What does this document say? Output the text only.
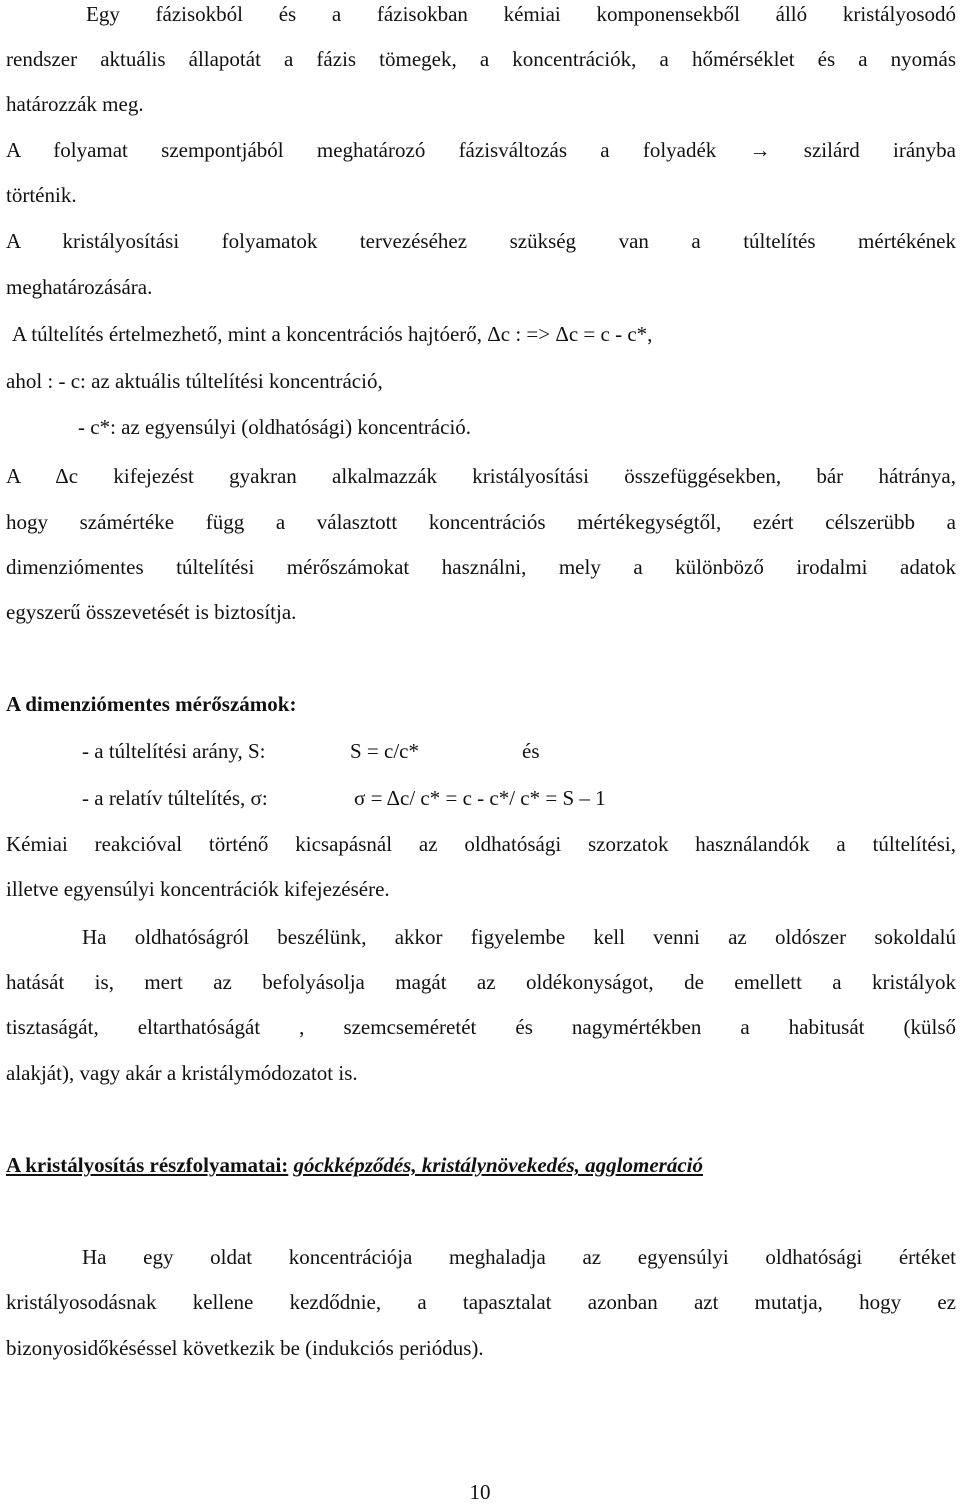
Egy fázisokból és a fázisokban kémiai komponensekből álló kristályosodó
rendszer aktuális állapotát a fázis tömegek, a koncentrációk, a hőmérséklet és a nyomás
határozzák meg.
A folyamat szempontjából meghatározó fázisváltozás a folyadék → szilárd irányba
történik.
A kristályosítási folyamatok tervezéséhez szükség van a túltelítés mértékének
meghatározására.
A túltelítés értelmezhető, mint a koncentrációs hajtóerő, Δc : => Δc = c - c*,
ahol : - c: az aktuális túltelítési koncentráció,
- c*: az egyensúlyi (oldhatósági) koncentráció.
A Δc kifejezést gyakran alkalmazzák kristályosítási összefüggésekben, bár hátránya,
hogy számértéke függ a választott koncentrációs mértékegységtől, ezért célszerübb a
dimenziómentes túltelítési mérőszámokat használni, mely a különböző irodalmi adatok
egyszerű összevetését is biztosítja.
A dimenziómentes mérőszámok:
- a túltelítési arány, S:	S = c/c*	és
- a relatív túltelítés, σ:	σ = Δc/ c* = c - c*/ c* = S – 1
Kémiai reakcióval történő kicsapásnál az oldhatósági szorzatok használandók a túltelítési,
illetve egyensúlyi koncentrációk kifejezésére.
Ha oldhatóságról beszélünk, akkor figyelembe kell venni az oldószer sokoldalú
hatását is, mert az befolyásolja magát az oldékonyságot, de emellett a kristályok
tisztaságát, eltarthatóságát , szemcseméretét és nagymértékben a habitusát (külső
alakját), vagy akár a kristálymódozatot is.
A kristályosítás részfolyamatai: góckképződés, kristálynövekedés, agglomeráció
Ha egy oldat koncentrációja meghaladja az egyensúlyi oldhatósági értéket
kristályosodásnak kellene kezdődnie, a tapasztalat azonban azt mutatja, hogy ez
bizonyosidőkéséssel következik be (indukciós periódus).
10
